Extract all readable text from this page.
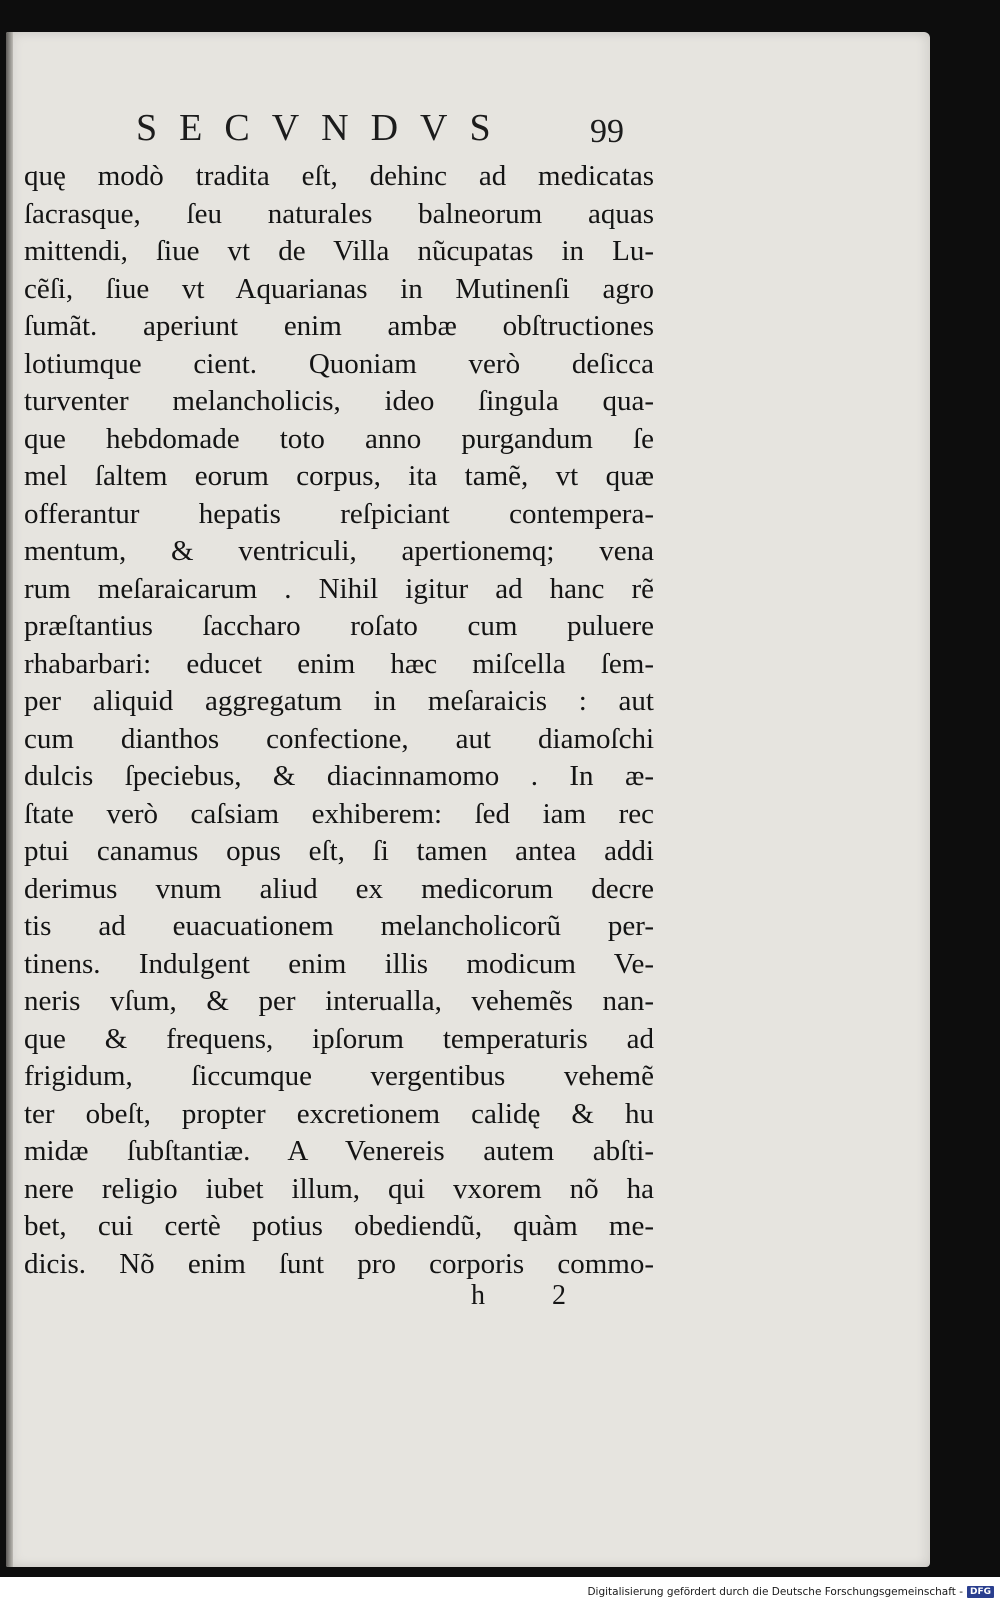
SECVNDVS 99
quę modò tradita eſt, dehinc ad medicatas
ſacrasque, ſeu naturales balneorum aquas
mittendi, ſiue vt de Villa nũcupatas in Lu-
cẽſi, ſiue vt Aquarianas in Mutinenſi agro
ſumãt. aperiunt enim ambæ obſtructiones
lotiumque cient. Quoniam verò deſicca
turventer melancholicis, ideo ſingula qua-
que hebdomade toto anno purgandum ſe
mel ſaltem eorum corpus, ita tamẽ, vt quæ
offerantur hepatis reſpiciant contempera-
mentum, & ventriculi, apertionemq; vena
rum meſaraicarum . Nihil igitur ad hanc rẽ
præſtantius ſaccharo roſato cum puluere
rhabarbari: educet enim hæc miſcella ſem-
per aliquid aggregatum in meſaraicis : aut
cum dianthos confectione, aut diamoſchi
dulcis ſpeciebus, & diacinnamomo . In æ-
ſtate verò caſsiam exhiberem: ſed iam rec
ptui canamus opus eſt, ſi tamen antea addi
derimus vnum aliud ex medicorum decre
tis ad euacuationem melancholicorũ per-
tinens. Indulgent enim illis modicum Ve-
neris vſum, & per interualla, vehemẽs nan-
que & frequens, ipſorum temperaturis ad
frigidum, ſiccumque vergentibus vehemẽ
ter obeſt, propter excretionem calidę & hu
midæ ſubſtantiæ. A Venereis autem abſti-
nere religio iubet illum, qui vxorem nõ ha
bet, cui certè potius obediendũ, quàm me-
dicis. Nõ enim ſunt pro corporis commo-
h 2
Digitalisierung gefördert durch die Deutsche Forschungsgemeinschaft - DFG
